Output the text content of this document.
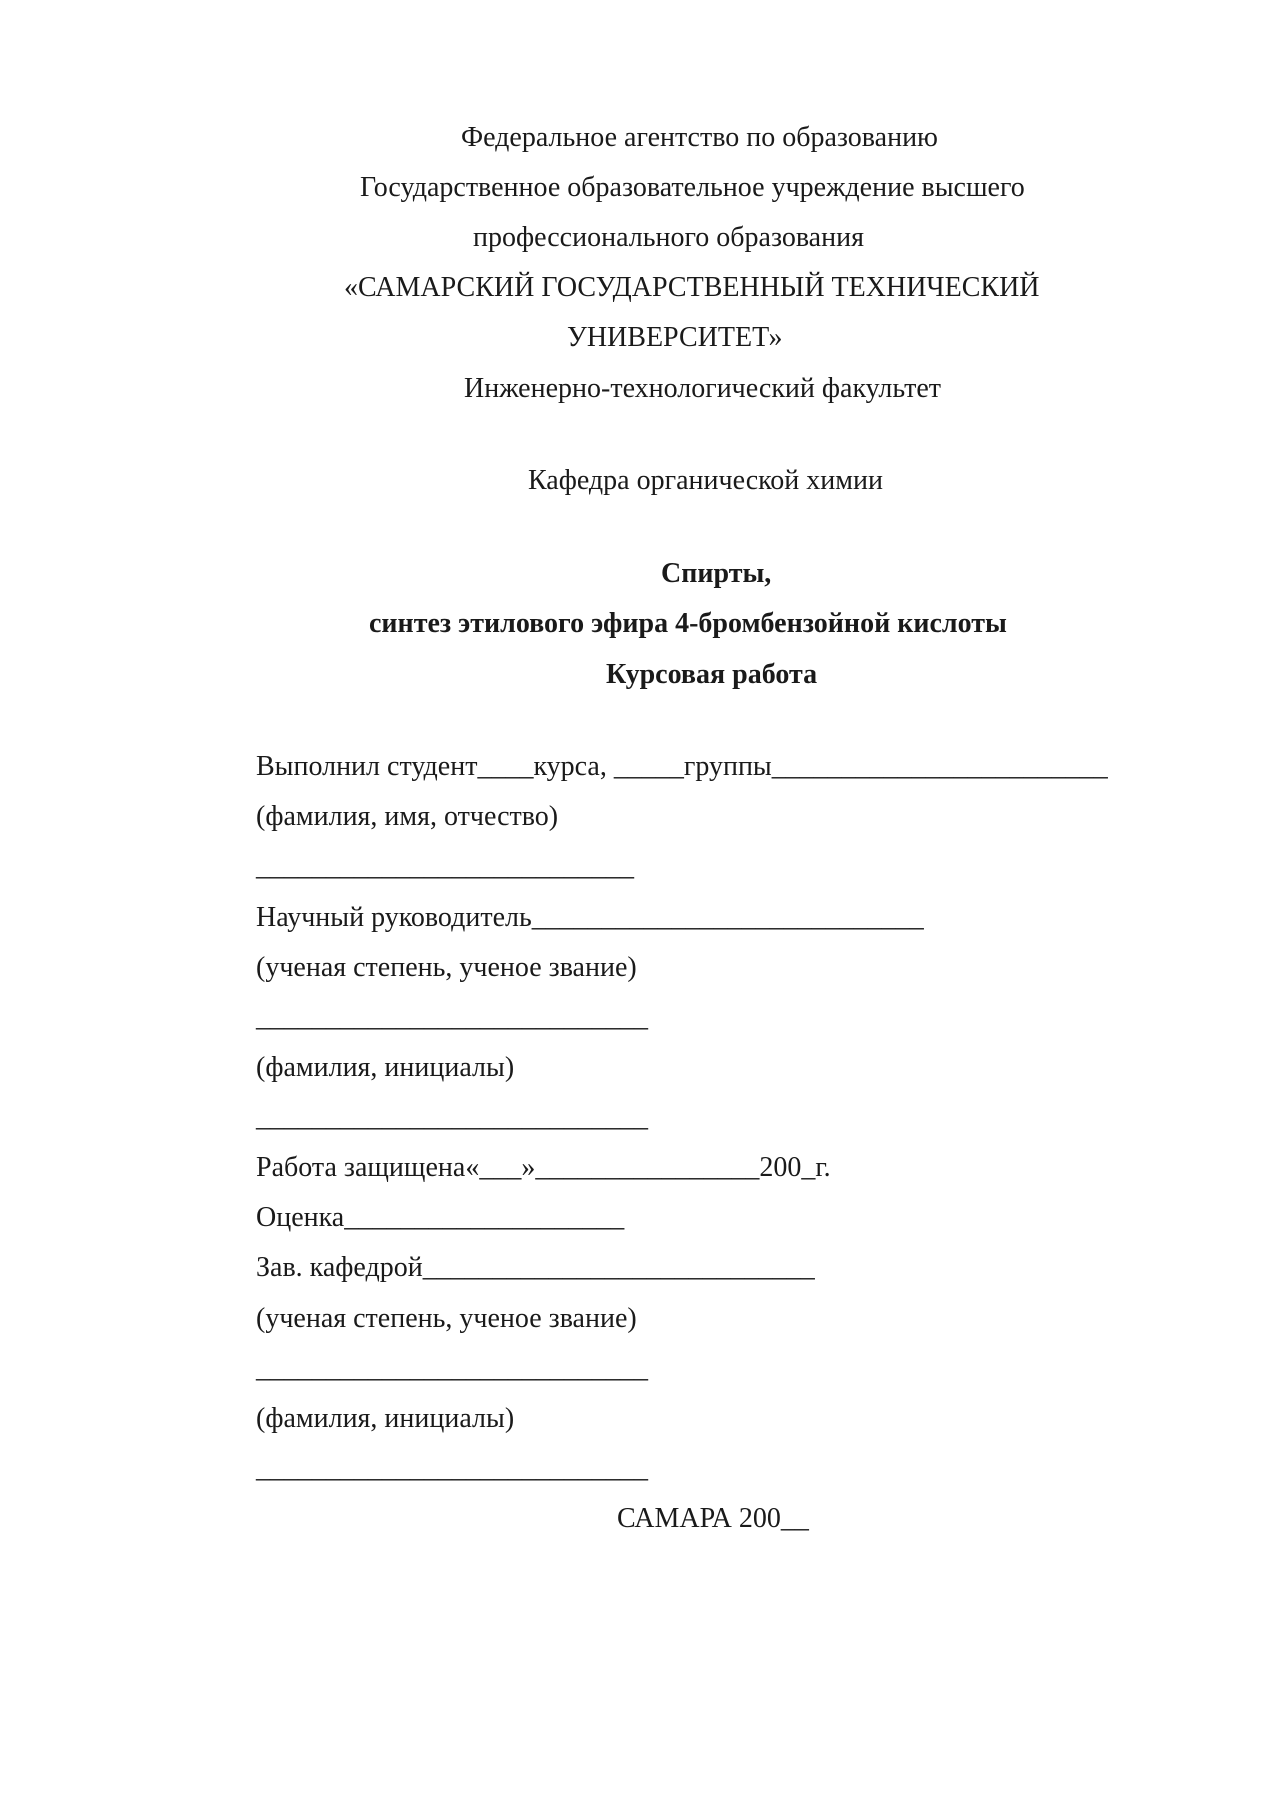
Федеральное агентство по образованию
Государственное образовательное учреждение высшего
профессионального образования
«САМАРСКИЙ ГОСУДАРСТВЕННЫЙ ТЕХНИЧЕСКИЙ
УНИВЕРСИТЕТ»
Инженерно-технологический факультет
Кафедра органической химии
Спирты,
синтез этилового эфира 4-бромбензойной кислоты
Курсовая работа
Выполнил студент____курса, _____группы________________________
(фамилия, имя, отчество)
___________________________
Научный руководитель____________________________
(ученая степень, ученое звание)
____________________________
(фамилия, инициалы)
____________________________
Работа защищена«___»________________200_г.
Оценка____________________
Зав. кафедрой____________________________
(ученая степень, ученое звание)
____________________________
(фамилия, инициалы)
____________________________
САМАРА 200__
